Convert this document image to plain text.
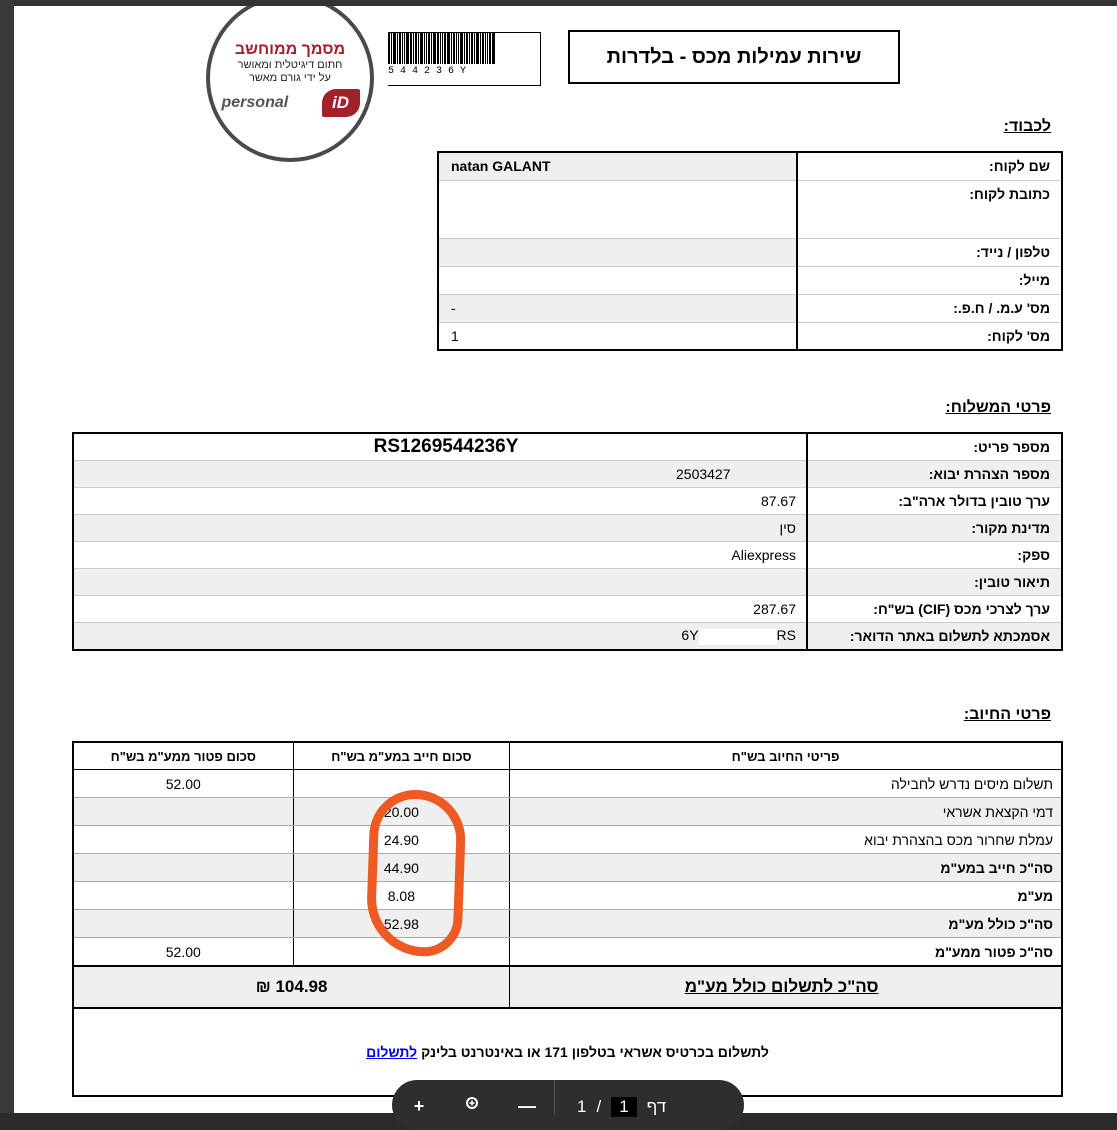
מסמך ממוחשב
חתום דיגיטלית ומאושר
על ידי גורם מאשר
personal	iD
544236Y
שירות עמילות מכס - בלדרות
לכבוד:
שם לקוח:	natan GALANT
כתובת לקוח:	
טלפון / נייד:	
מייל:	
מס' ע.מ. / ח.פ.:	-
מס' לקוח:	1
פרטי המשלוח:
מספר פריט:	RS1269544236Y
מספר הצהרת יבוא:	2503427
ערך טובין בדולר ארה"ב:	87.67
מדינת מקור:	סין
ספק:	Aliexpress
תיאור טובין:	
ערך לצרכי מכס (CIF) בש"ח:	287.67
אסמכתא לתשלום באתר הדואר:	6Y RS
פרטי החיוב:
פריטי החיוב בש"ח	סכום חייב במע"מ בש"ח	סכום פטור ממע"מ בש"ח
תשלום מיסים נדרש לחבילה		52.00
דמי הקצאת אשראי	20.00	
עמלת שחרור מכס בהצהרת יבוא	24.90	
סה"כ חייב במע"מ	44.90	
מע"מ	8.08	
סה"כ כולל מע"מ	52.98	
סה"כ פטור ממע"מ		52.00
סה"כ לתשלום כולל מע"מ	104.98 ₪	
לתשלום בכרטיס אשראי בטלפון 171 או באינטרנט בלינק לתשלום		
+	—	1 /	1	דף
